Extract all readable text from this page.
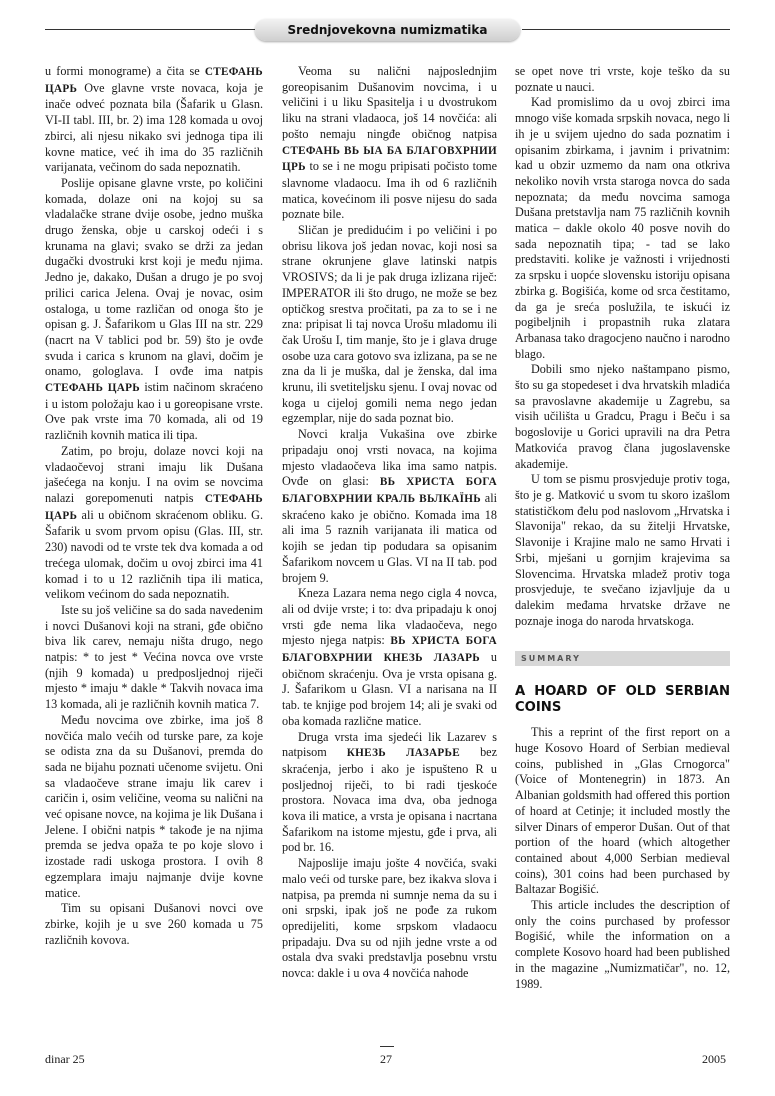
Srednjovekovna numizmatika

u formi monograme) a čita se СТЕФАНЬ ЦАРЬ Ove glavne vrste novaca, koja je inače odveć poznata bila (Šafarik u Glasn. VI-II tabl. III, br. 2) ima 128 komada u ovoj zbirci, ali njesu nikako svi jednoga tipa ili kovne matice, već ih ima do 35 različnih varijanata, večinom do sada nepoznatih.

Poslije opisane glavne vrste, po količini komada, dolaze oni na kojoj su sa vladalačke strane dvije osobe, jedno muška drugo ženska, obje u carskoj odeći i s krunama na glavi; svako se drži za jedan dugački dvostruki krst koji je među njima. Jedno je, dakako, Dušan a drugo je po svoj prilici carica Jelena. Ovaj je novac, osim ostaloga, u tome različan od onoga što je opisan g. J. Šafarikom u Glas III na str. 229 (nacrt na V tablici pod br. 59) što je ovđe svuda i carica s krunom na glavi, dočim je onamo, gologlava. I ovđe ima natpis СТЕФАНЬ ЦАРЬ istim načinom skraćeno i u istom položaju kao i u goreopisane vrste. Ove pak vrste ima 70 komada, ali od 19 različnih kovnih matica ili tipa.

Zatim, po broju, dolaze novci koji na vladaočevoj strani imaju lik Dušana jašećega na konju. I na ovim se novcima nalazi gorepomenuti natpis СТЕФАНЬ ЦАРЬ ali u običnom skraćenom obliku. G. Šafarik u svom prvom opisu (Glas. III, str. 230) navodi od te vrste tek dva komada a od trećega ulomak, dočim u ovoj zbirci ima 41 komad i to u 12 različnih tipa ili matica, velikom većinom do sada nepoznatih.

Iste su još veličine sa do sada navedenim i novci Dušanovi koji na strani, gđe obično biva lik carev, nemaju ništa drugo, nego natpis: * to jest * Većina novca ove vrste (njih 9 komada) u predposljednoj riječi mjesto * imaju * dakle * Takvih novaca ima 13 komada, ali je različnih kovnih matica 7.

Među novcima ove zbirke, ima još 8 novčića malo većih od turske pare, za koje se odista zna da su Dušanovi, premda do sada ne bijahu poznati učenome svijetu. Oni sa vladaočeve strane imaju lik carev i caričin i, osim veličine, veoma su nalični na već opisane novce, na kojima je lik Dušana i Jelene. I obični natpis * takođe je na njima premda se jedva opaža te po koje slovo i izostade radi uskoga prostora. I ovih 8 egzemplara imaju najmanje dvije kovne matice.

Tim su opisani Dušanovi novci ove zbirke, kojih je u sve 260 komada u 75 različnih kovova.

Veoma su nalični najposlednjim goreopisanim Dušanovim novcima, i u veličini i u liku Spasitelja i u dvostrukom liku na strani vladaoca, još 14 novčića: ali pošto nemaju ningđe običnog natpisa СТЕФАНЬ ВЬ ЫА БА БЛАГОВХРНИИ ЦРЬ to se i ne mogu pripisati počisto tome slavnome vladaocu. Ima ih od 6 različnih matica, kovećinom ili posve nijesu do sada poznate bile.

Sličan je predidućim i po veličini i po obrisu likova još jedan novac, koji nosi sa strane okrunjene glave latinski natpis VROSIVS; da li je pak druga izlizana riječ: IMPERATOR ili što drugo, ne može se bez optičkog srestva pročitati, pa za to se i ne zna: pripisat li taj novca Urošu mladomu ili čak Urošu I, tim manje, što je i glava druge osobe uza cara gotovo sva izlizana, pa se ne zna da li je muška, dal je ženska, dal ima krunu, ili svetiteljsku sjenu. I ovaj novac od koga u cijeloj gomili nema nego jedan egzemplar, nije do sada poznat bio.

Novci kralja Vukašina ove zbirke pripadaju onoj vrsti novaca, na kojima mjesto vladaočeva lika ima samo natpis. Ovđe on glasi: ВЬ ХРИСТА БОГА БЛАГОВХРНИИ КРАЛЬ ВЬЛКАЇНЬ ali skraćeno kako je obično. Komada ima 18 ali ima 5 raznih varijanata ili matica od kojih se jedan tip podudara sa opisanim Šafarikom novcem u Glas. VI na II tab. pod brojem 9.

Kneza Lazara nema nego cigla 4 novca, ali od dvije vrste; i to: dva pripadaju k onoj vrsti gđe nema lika vladaočeva, nego mjesto njega natpis: ВЬ ХРИСТА БОГА БЛАГОВХРНИИ КНЕЗЬ ЛАЗАРЬ u običnom skraćenju. Ova je vrsta opisana g. J. Šafarikom u Glasn. VI a narisana na II tab. te knjige pod brojem 14; ali je svaki od oba komada različne matice.

Druga vrsta ima sjedeći lik Lazarev s natpisom КНЕЗЬ ЛАЗАРЬЕ bez skraćenja, jerbo i ako je ispušteno R u posljednoj riječi, to bi radi tjeskoće prostora. Novaca ima dva, oba jednoga kova ili matice, a vrsta je opisana i nacrtana Šafarikom na istome mjestu, gđe i prva, ali pod br. 16.

Najposlije imaju jošte 4 novčića, svaki malo veći od turske pare, bez ikakva slova i natpisa, pa premda ni sumnje nema da su i oni srpski, ipak još ne pođe za rukom opredijeliti, kome srpskom vladaocu pripadaju. Dva su od njih jedne vrste a od ostala dva svaki predstavlja posebnu vrstu novca: dakle i u ova 4 novčića nahode

se opet nove tri vrste, koje teško da su poznate u nauci.

Kad promislimo da u ovoj zbirci ima mnogo više komada srpskih novaca, nego li ih je u svijem ujedno do sada poznatim i opisanim zbirkama, i javnim i privatnim: kad u obzir uzmemo da nam ona otkriva nekoliko novih vrsta staroga novca do sada nepoznata; da među novcima samoga Dušana pretstavlja nam 75 različnih kovnih matica – dakle okolo 40 posve novih do sada nepoznatih tipa; - tad se lako predstaviti. kolike je važnosti i vrijednosti za srpsku i uopće slovensku istoriju opisana zbirka g. Bogišića, kome od srca čestitamo, da ga je sreća poslužila, te iskući iz pogibeljnih i propastnih ruka zlatara Arbanasa tako dragocjeno naučno i narodno blago.

Dobili smo njeko naštampano pismo, što su ga stopedeset i dva hrvatskih mladića sa pravoslavne akademije u Zagrebu, sa visih učilišta u Gradcu, Pragu i Beču i sa bogoslovije u Gorici upravili na dra Petra Matkovića pravog člana jugoslavenske akademije.

U tom se pismu prosvjeduje protiv toga, što je g. Matković u svom tu skoro izašlom statističkom đelu pod naslovom „Hrvatska i Slavonija" rekao, da su žitelji Hrvatske, Slavonije i Krajine malo ne samo Hrvati i Srbi, mješani u gornjim krajevima sa Slovencima. Hrvatska mladež protiv toga prosvjeduje, te svečano izjavljuje da u dalekim međama hrvatske države ne poznaje inoga do naroda hrvatskoga.

SUMMARY
A HOARD OF OLD SERBIAN COINS

This a reprint of the first report on a huge Kosovo Hoard of Serbian medieval coins, published in „Glas Crnogorca" (Voice of Montenegrin) in 1873. An Albanian goldsmith had offered this portion of hoard at Cetinje; it included mostly the silver Dinars of emperor Dušan. Out of that portion of the hoard (which altogether contained about 4,000 Serbian medieval coins), 301 coins had been purchased by Baltazar Bogišić.

This article includes the description of only the coins purchased by professor Bogišić, while the information on a complete Kosovo hoard had been published in the magazine „Numizmatičar", no. 12, 1989.

dinar 25	27	2005
